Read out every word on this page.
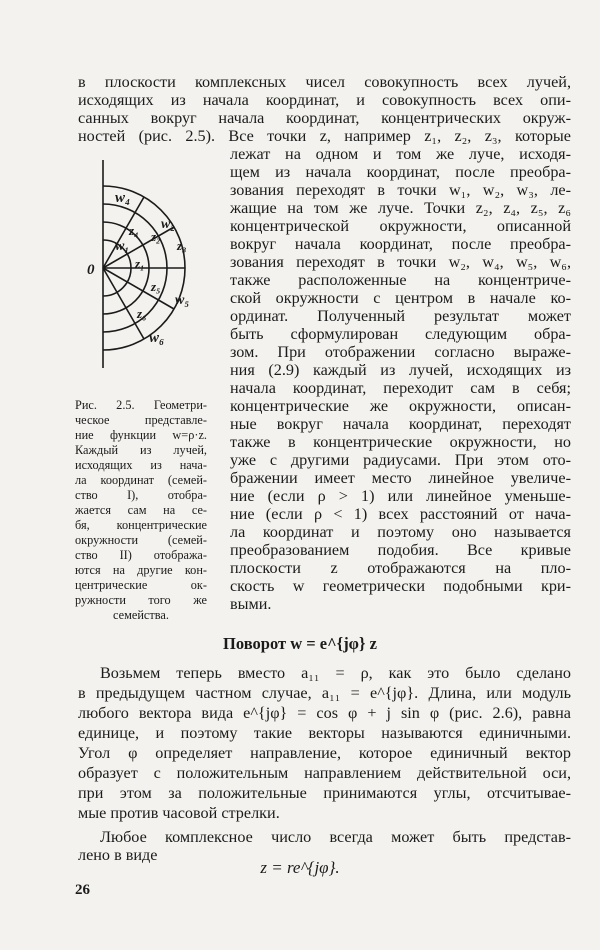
в плоскости комплексных чисел совокупность всех лучей,
исходящих из начала координат, и совокупность всех опи-
санных вокруг начала координат, концентрических окруж-
ностей (рис. 2.5). Все точки z, например z₁, z₂, z₃, которые
лежат на одном и том же луче, исходя-
щем из начала координат, после преобра-
зования переходят в точки w₁, w₂, w₃, ле-
жащие на том же луче. Точки z₂, z₄, z₅, z₆
концентрической окружности, описанной
вокруг начала координат, после преобра-
зования переходят в точки w₂, w₄, w₅, w₆,
также расположенные на концентриче-
ской окружности с центром в начале ко-
ординат. Полученный результат может
быть сформулирован следующим обра-
зом. При отображении согласно выраже-
ния (2.9) каждый из лучей, исходящих из
начала координат, переходит сам в себя;
концентрические же окружности, описан-
ные вокруг начала координат, переходят
также в концентрические окружности, но
уже с другими радиусами. При этом ото-
бражении имеет место линейное увеличе-
ние (если ρ > 1) или линейное уменьше-
ние (если ρ < 1) всех расстояний от нача-
ла координат и поэтому оно называется
преобразованием подобия. Все кривые
плоскости z отображаются на пло-
скость w геометрически подобными кри-
выми.
0
w₄
w₂
z₄
w₁
z₂
z₃
z₁
z₅
w₅
z₆
w₆
Рис. 2.5. Геометри-
ческое представле-
ние функции w=ρ·z.
Каждый из лучей,
исходящих из нача-
ла координат (семей-
ство I), отобра-
жается сам на се-
бя, концентрические
окружности (семей-
ство II) отобража-
ются на другие кон-
центрические ок-
ружности того же
семейства.
Поворот w = e^{jφ} z
Возьмем теперь вместо a₁₁ = ρ, как это было сделано
в предыдущем частном случае, a₁₁ = e^{jφ}. Длина, или модуль
любого вектора вида e^{jφ} = cos φ + j sin φ (рис. 2.6), равна
единице, и поэтому такие векторы называются единичными.
Угол φ определяет направление, которое единичный вектор
образует с положительным направлением действительной оси,
при этом за положительные принимаются углы, отсчитывае-
мые против часовой стрелки.
Любое комплексное число всегда может быть представ-
лено в виде
z = re^{jφ}.
26
